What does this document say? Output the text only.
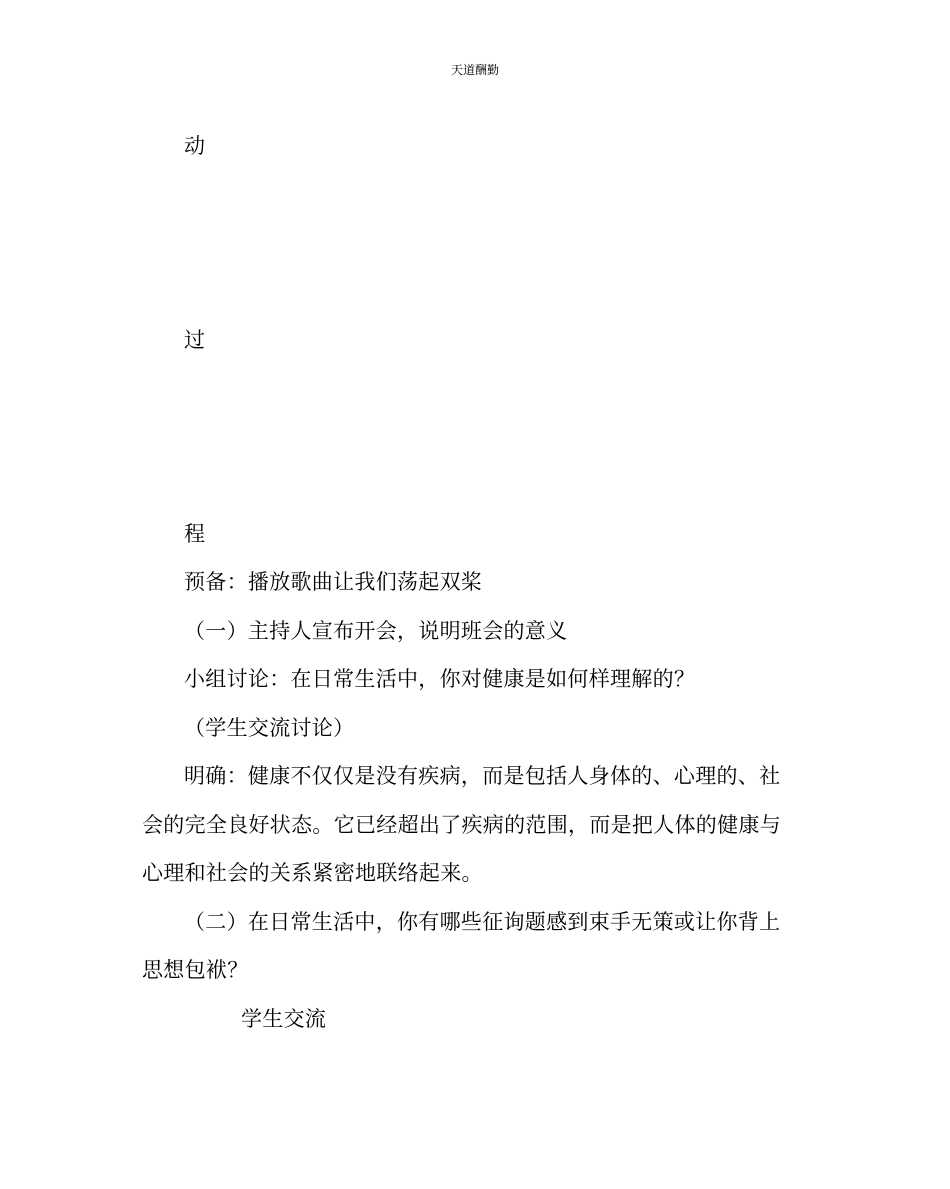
天道酬勤
动
过
程
预备：播放歌曲让我们荡起双桨
（一）主持人宣布开会，说明班会的意义
小组讨论：在日常生活中，你对健康是如何样理解的？
（学生交流讨论）
明确：健康不仅仅是没有疾病，而是包括人身体的、心理的、社
会的完全良好状态。它已经超出了疾病的范围，而是把人体的健康与
心理和社会的关系紧密地联络起来。
（二）在日常生活中，你有哪些征询题感到束手无策或让你背上
思想包袱？
学生交流
